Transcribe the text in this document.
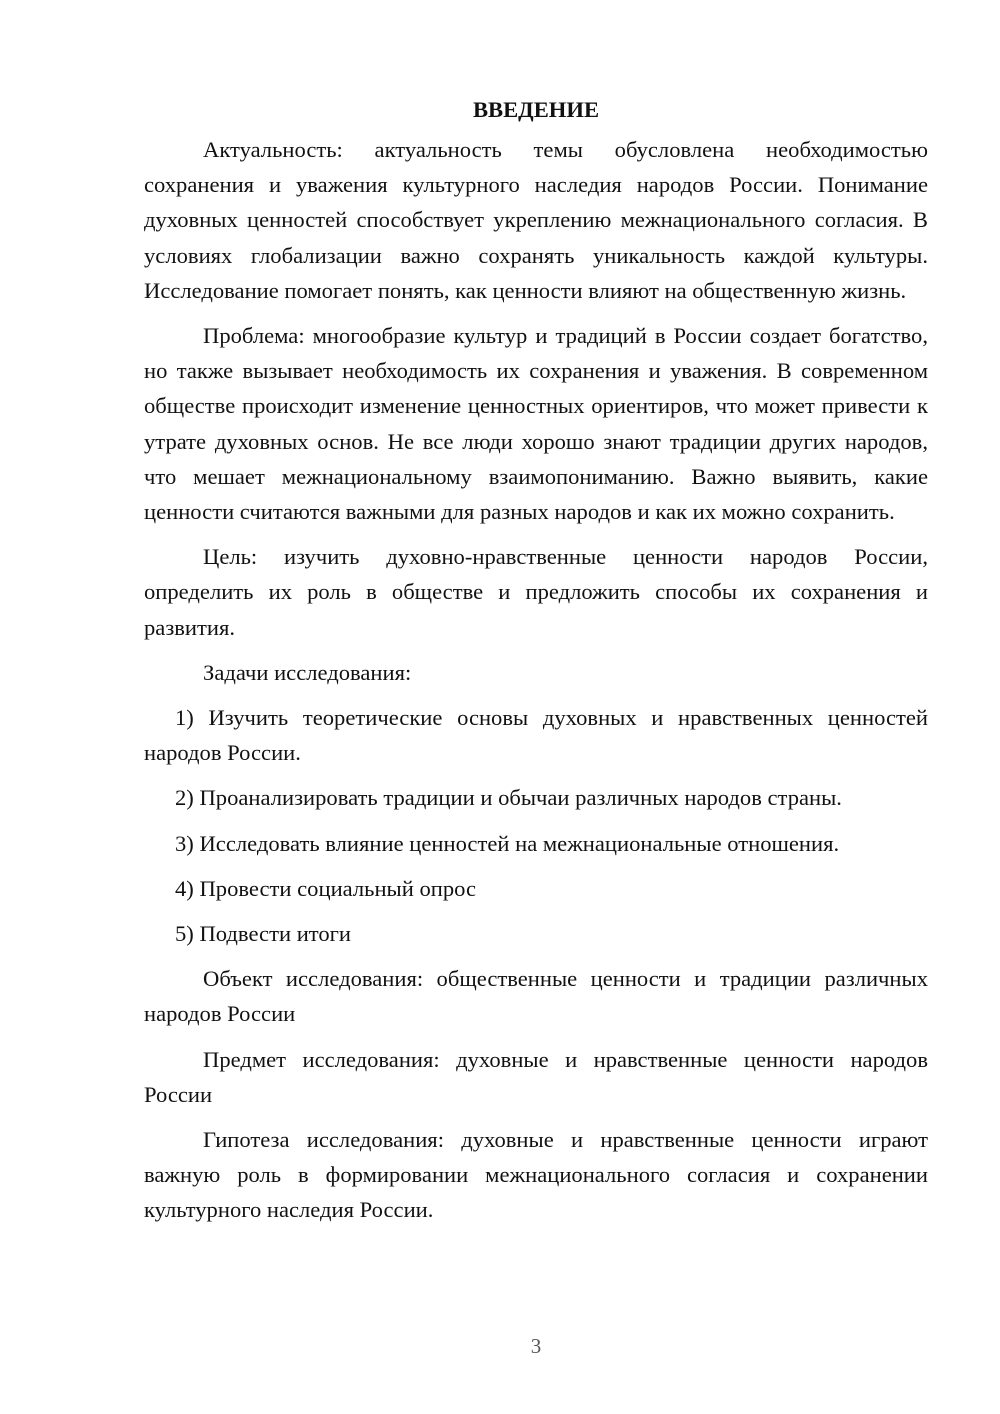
ВВЕДЕНИЕ
Актуальность: актуальность темы обусловлена необходимостью сохранения и уважения культурного наследия народов России. Понимание духовных ценностей способствует укреплению межнационального согласия. В условиях глобализации важно сохранять уникальность каждой культуры. Исследование помогает понять, как ценности влияют на общественную жизнь.
Проблема: многообразие культур и традиций в России создает богатство, но также вызывает необходимость их сохранения и уважения. В современном обществе происходит изменение ценностных ориентиров, что может привести к утрате духовных основ. Не все люди хорошо знают традиции других народов, что мешает межнациональному взаимопониманию. Важно выявить, какие ценности считаются важными для разных народов и как их можно сохранить.
Цель: изучить духовно-нравственные ценности народов России, определить их роль в обществе и предложить способы их сохранения и развития.
Задачи исследования:
1) Изучить теоретические основы духовных и нравственных ценностей народов России.
2) Проанализировать традиции и обычаи различных народов страны.
3) Исследовать влияние ценностей на межнациональные отношения.
4) Провести социальный опрос
5) Подвести итоги
Объект исследования: общественные ценности и традиции различных народов России
Предмет исследования: духовные и нравственные ценности народов России
Гипотеза исследования: духовные и нравственные ценности играют важную роль в формировании межнационального согласия и сохранении культурного наследия России.
3
